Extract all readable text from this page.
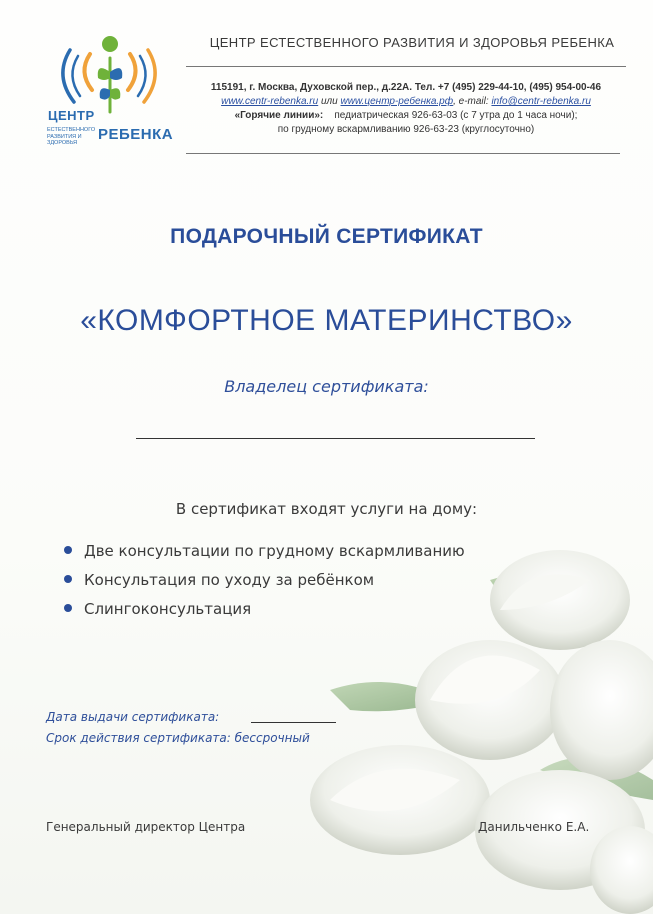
ЦЕНТР
ЕСТЕСТВЕННОГО РАЗВИТИЯ И ЗДОРОВЬЯ	РЕБЕНКА
ЦЕНТР ЕСТЕСТВЕННОГО РАЗВИТИЯ И ЗДОРОВЬЯ РЕБЕНКА
115191, г. Москва, Духовской пер., д.22А. Тел. +7 (495) 229-44-10, (495) 954-00-46
www.centr-rebenka.ru или www.центр-ребенка.рф, e-mail: info@centr-rebenka.ru
«Горячие линии»: педиатрическая 926-63-03 (с 7 утра до 1 часа ночи);
по грудному вскармливанию 926-63-23 (круглосуточно)
ПОДАРОЧНЫЙ СЕРТИФИКАТ
«КОМФОРТНОЕ МАТЕРИНСТВО»
Владелец сертификата:
В сертификат входят услуги на дому:
Две консультации по грудному вскармливанию
Консультация по уходу за ребёнком
Слингоконсультация
Дата выдачи сертификата:
Срок действия сертификата: бессрочный
Генеральный директор Центра	Данильченко Е.А.
